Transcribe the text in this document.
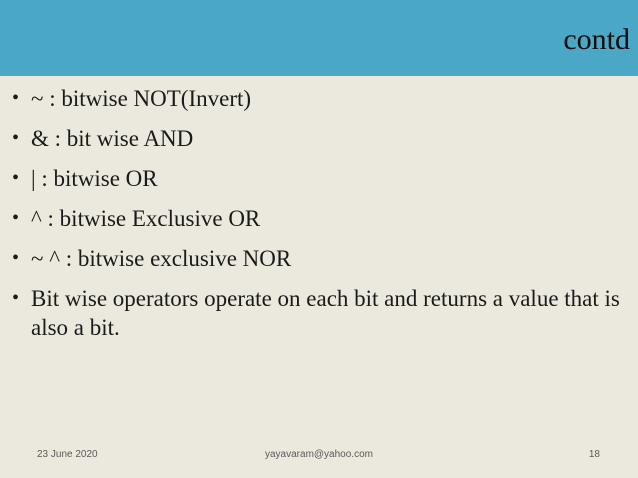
contd
• ~ : bitwise NOT(Invert)
• & : bit wise AND
• | : bitwise OR
• ^ : bitwise Exclusive OR
• ~ ^ : bitwise exclusive NOR
• Bit wise operators operate on each bit and returns a value that is also a bit.
23 June 2020	yayavaram@yahoo.com	18
